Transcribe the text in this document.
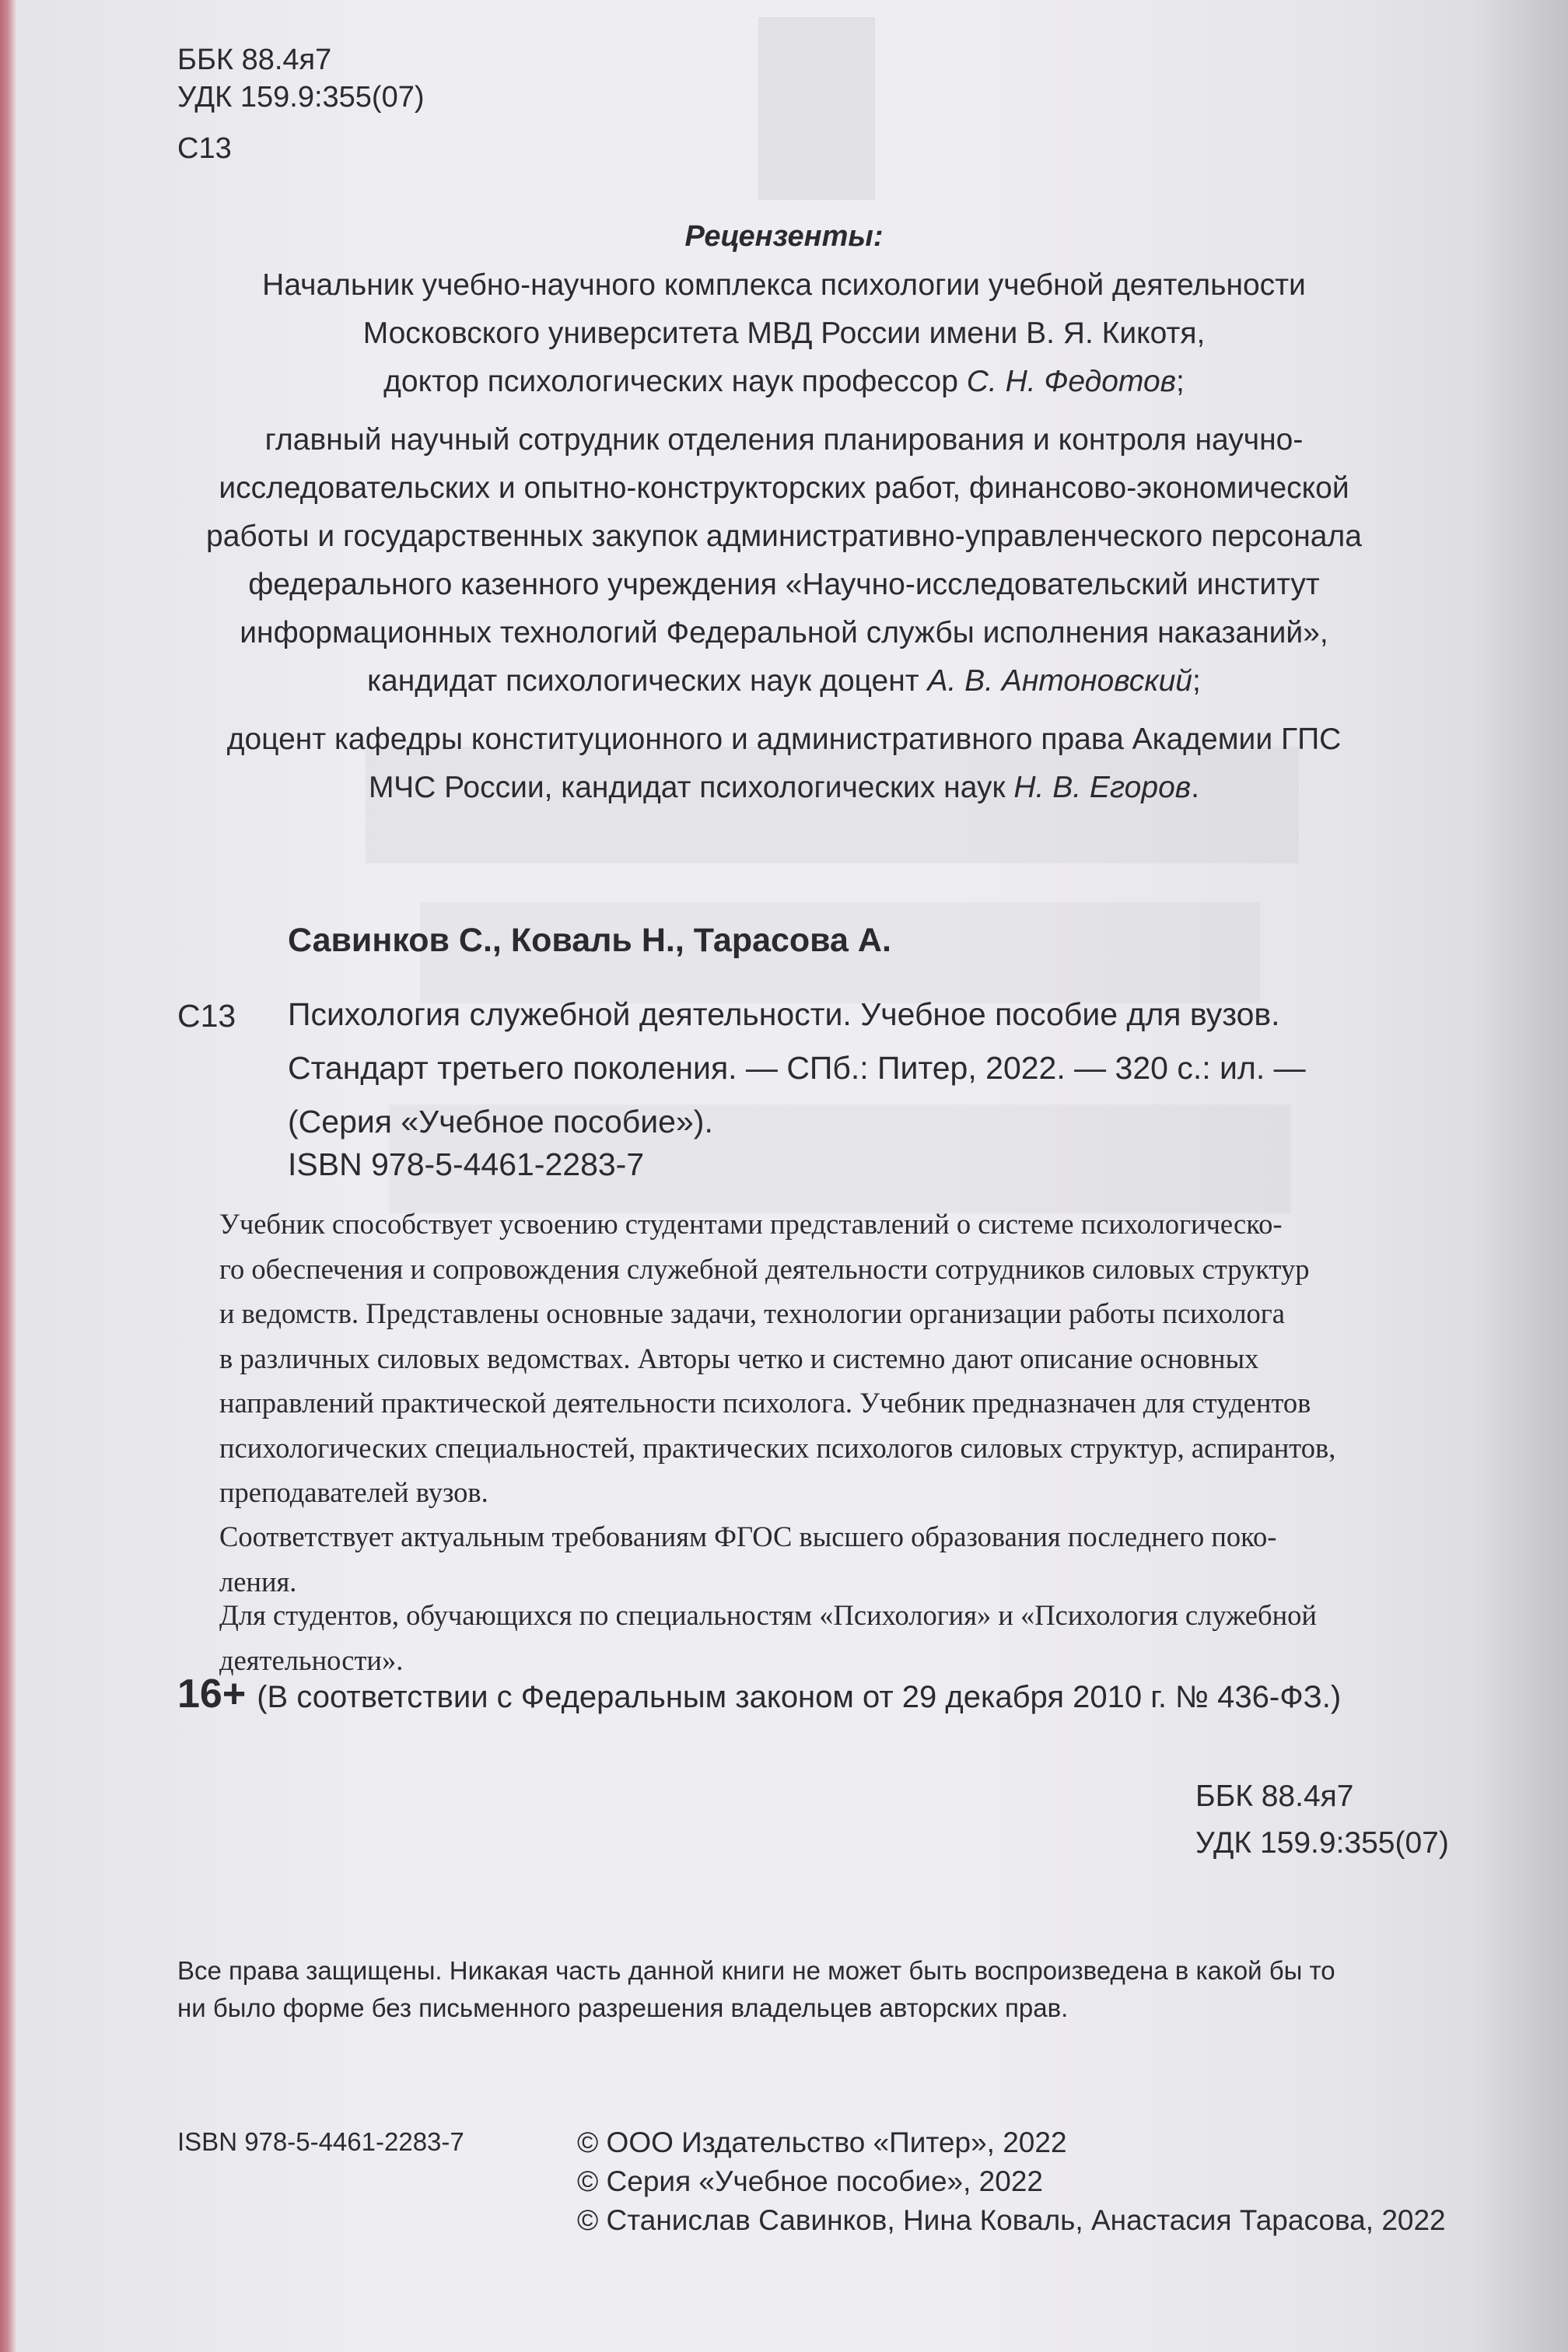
ББК 88.4я7
УДК 159.9:355(07)
С13
Рецензенты:
Начальник учебно-научного комплекса психологии учебной деятельности
Московского университета МВД России имени В. Я. Кикотя,
доктор психологических наук профессор С. Н. Федотов;
главный научный сотрудник отделения планирования и контроля научно-
исследовательских и опытно-конструкторских работ, финансово-экономической
работы и государственных закупок административно-управленческого персонала
федерального казенного учреждения «Научно-исследовательский институт
информационных технологий Федеральной службы исполнения наказаний»,
кандидат психологических наук доцент А. В. Антоновский;
доцент кафедры конституционного и административного права Академии ГПС
МЧС России, кандидат психологических наук Н. В. Егоров.
Савинков С., Коваль Н., Тарасова А.
С13 Психология служебной деятельности. Учебное пособие для вузов.
Стандарт третьего поколения. — СПб.: Питер, 2022. — 320 с.: ил. —
(Серия «Учебное пособие»).
ISBN 978-5-4461-2283-7
Учебник способствует усвоению студентами представлений о системе психологическо-
го обеспечения и сопровождения служебной деятельности сотрудников силовых структур
и ведомств. Представлены основные задачи, технологии организации работы психолога
в различных силовых ведомствах. Авторы четко и системно дают описание основных
направлений практической деятельности психолога. Учебник предназначен для студентов
психологических специальностей, практических психологов силовых структур, аспирантов,
преподавателей вузов.
Соответствует актуальным требованиям ФГОС высшего образования последнего поко-
ления.
Для студентов, обучающихся по специальностям «Психология» и «Психология служебной
деятельности».
16+ (В соответствии с Федеральным законом от 29 декабря 2010 г. № 436-ФЗ.)
ББК 88.4я7
УДК 159.9:355(07)
Все права защищены. Никакая часть данной книги не может быть воспроизведена в какой бы то
ни было форме без письменного разрешения владельцев авторских прав.
ISBN 978-5-4461-2283-7	© ООО Издательство «Питер», 2022
© Серия «Учебное пособие», 2022
© Станислав Савинков, Нина Коваль, Анастасия Тарасова, 2022
